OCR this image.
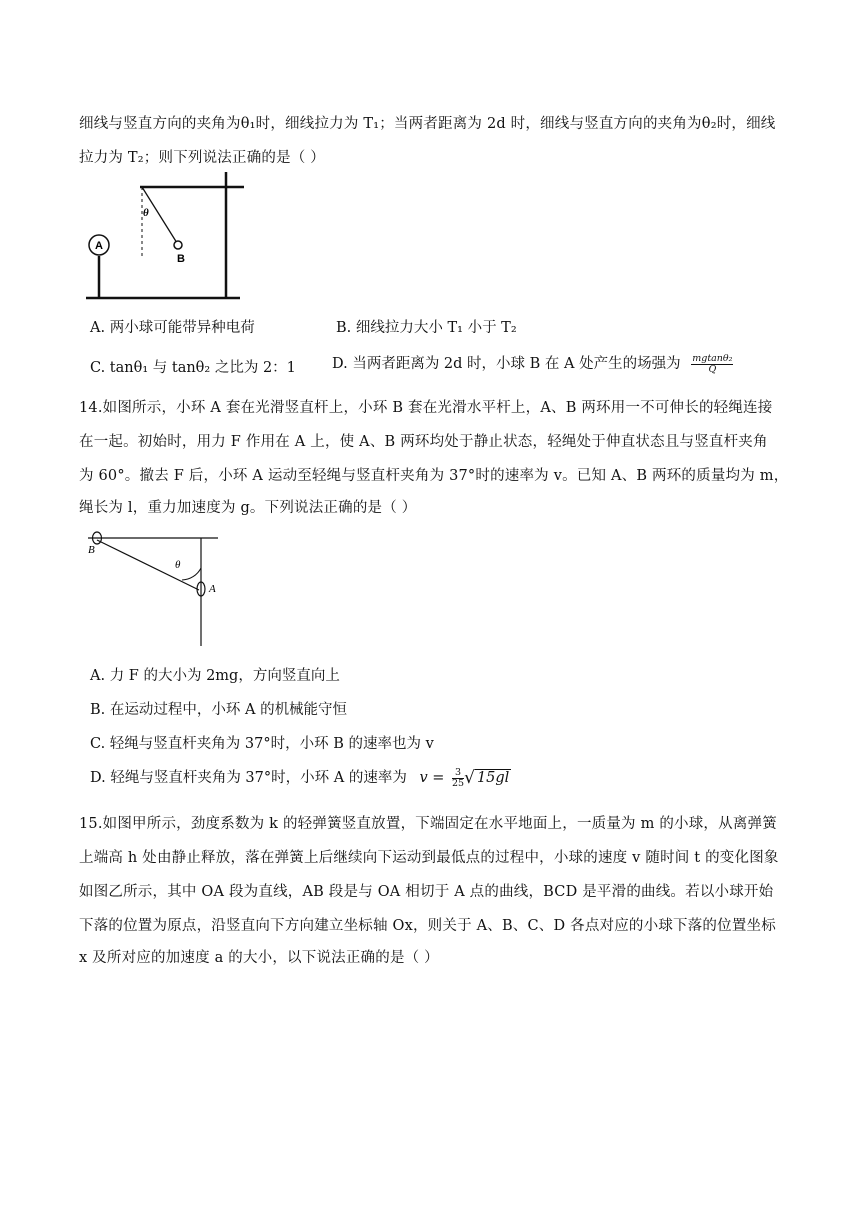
细线与竖直方向的夹角为θ₁时，细线拉力为 T₁；当两者距离为 2d 时，细线与竖直方向的夹角为θ₂时，细线
拉力为 T₂；则下列说法正确的是（ ）
B
θ
A
A. 两小球可能带异种电荷	B. 细线拉力大小 T₁ 小于 T₂
C. tanθ₁ 与 tanθ₂ 之比为 2：1 D. 当两者距离为 2d 时，小球 B 在 A 处产生的场强为 $\frac{\text{mgtanθ₂}}{Q}$
14.如图所示，小环 A 套在光滑竖直杆上，小环 B 套在光滑水平杆上，A、B 两环用一不可伸长的轻绳连接
在一起。初始时，用力 F 作用在 A 上，使 A、B 两环均处于静止状态，轻绳处于伸直状态且与竖直杆夹角
为 60°。撤去 F 后，小环 A 运动至轻绳与竖直杆夹角为 37°时的速率为 v。已知 A、B 两环的质量均为 m，
绳长为 l，重力加速度为 g。下列说法正确的是（ ）
B
A
θ
A. 力 F 的大小为 2mg，方向竖直向上
B. 在运动过程中，小环 A 的机械能守恒
C. 轻绳与竖直杆夹角为 37°时，小环 B 的速率也为 v
D. 轻绳与竖直杆夹角为 37°时，小环 A 的速率为 $v = \frac{3}{25}$ √ 15gl
15.如图甲所示，劲度系数为 k 的轻弹簧竖直放置，下端固定在水平地面上，一质量为 m 的小球，从离弹簧
上端高 h 处由静止释放，落在弹簧上后继续向下运动到最低点的过程中，小球的速度 v 随时间 t 的变化图象
如图乙所示，其中 OA 段为直线，AB 段是与 OA 相切于 A 点的曲线，BCD 是平滑的曲线。若以小球开始
下落的位置为原点，沿竖直向下方向建立坐标轴 Ox，则关于 A、B、C、D 各点对应的小球下落的位置坐标
x 及所对应的加速度 a 的大小，以下说法正确的是（ ）
